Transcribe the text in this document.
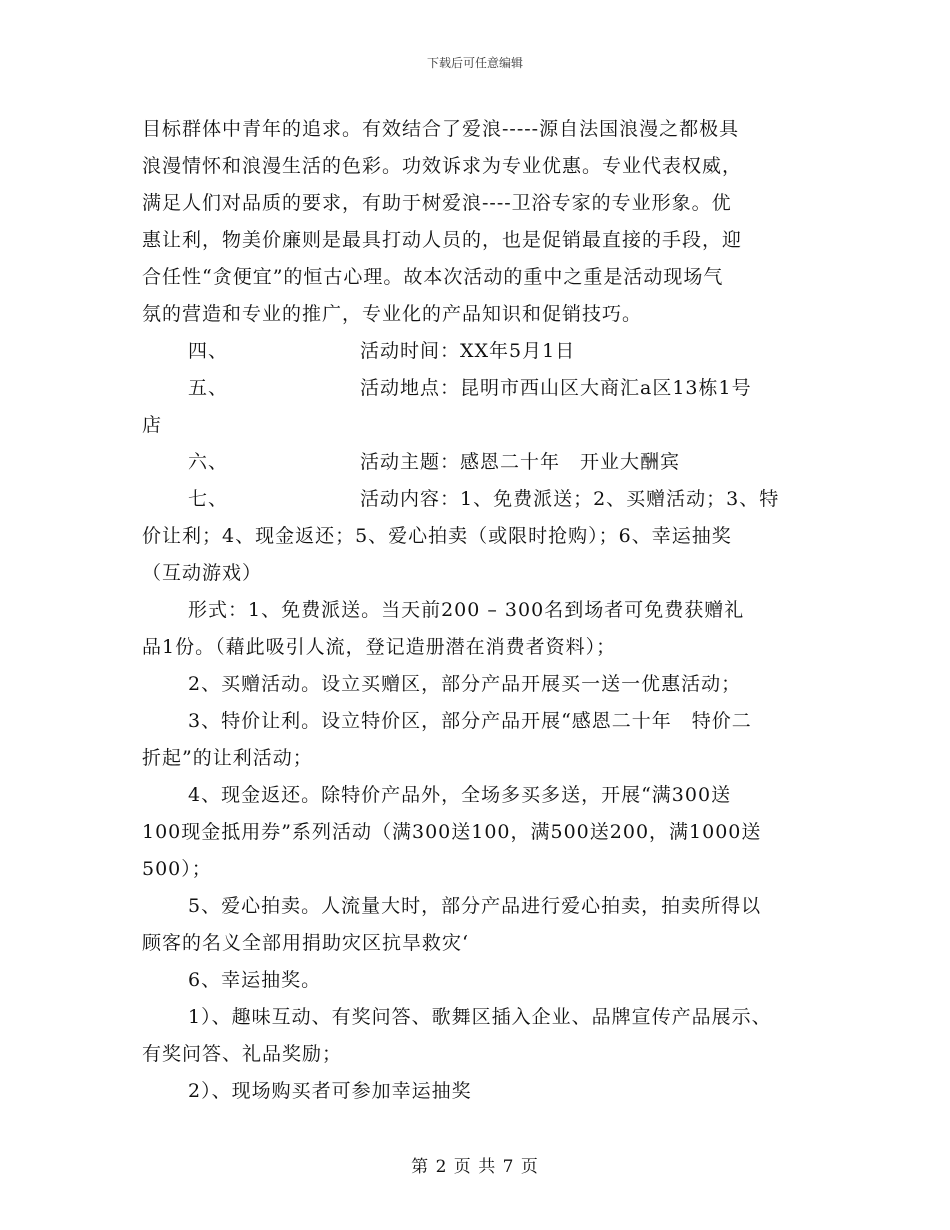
下载后可任意编辑
目标群体中青年的追求。有效结合了爱浪-----源自法国浪漫之都极具
浪漫情怀和浪漫生活的色彩。功效诉求为专业优惠。专业代表权威，
满足人们对品质的要求，有助于树爱浪----卫浴专家的专业形象。优
惠让利，物美价廉则是最具打动人员的，也是促销最直接的手段，迎
合任性“贪便宜”的恒古心理。故本次活动的重中之重是活动现场气
氛的营造和专业的推广，专业化的产品知识和促销技巧。
四、	活动时间：XX年5月1日
五、	活动地点：昆明市西山区大商汇a区13栋1号
店
六、	活动主题：感恩二十年　开业大酬宾
七、	活动内容：1、免费派送；2、买赠活动；3、特
价让利；4、现金返还；5、爱心拍卖（或限时抢购）；6、幸运抽奖
（互动游戏）
形式：1、免费派送。当天前200 – 300名到场者可免费获赠礼
品1份。（藉此吸引人流，登记造册潜在消费者资料）；
2、买赠活动。设立买赠区，部分产品开展买一送一优惠活动；
3、特价让利。设立特价区，部分产品开展“感恩二十年　特价二
折起”的让利活动；
4、现金返还。除特价产品外，全场多买多送，开展“满300送
100现金抵用券”系列活动（满300送100，满500送200，满1000送
500）；
5、爱心拍卖。人流量大时，部分产品进行爱心拍卖，拍卖所得以
顾客的名义全部用捐助灾区抗旱救灾‘
6、幸运抽奖。
1）、趣味互动、有奖问答、歌舞区插入企业、品牌宣传产品展示、
有奖问答、礼品奖励；
2）、现场购买者可参加幸运抽奖
第 2 页 共 7 页
